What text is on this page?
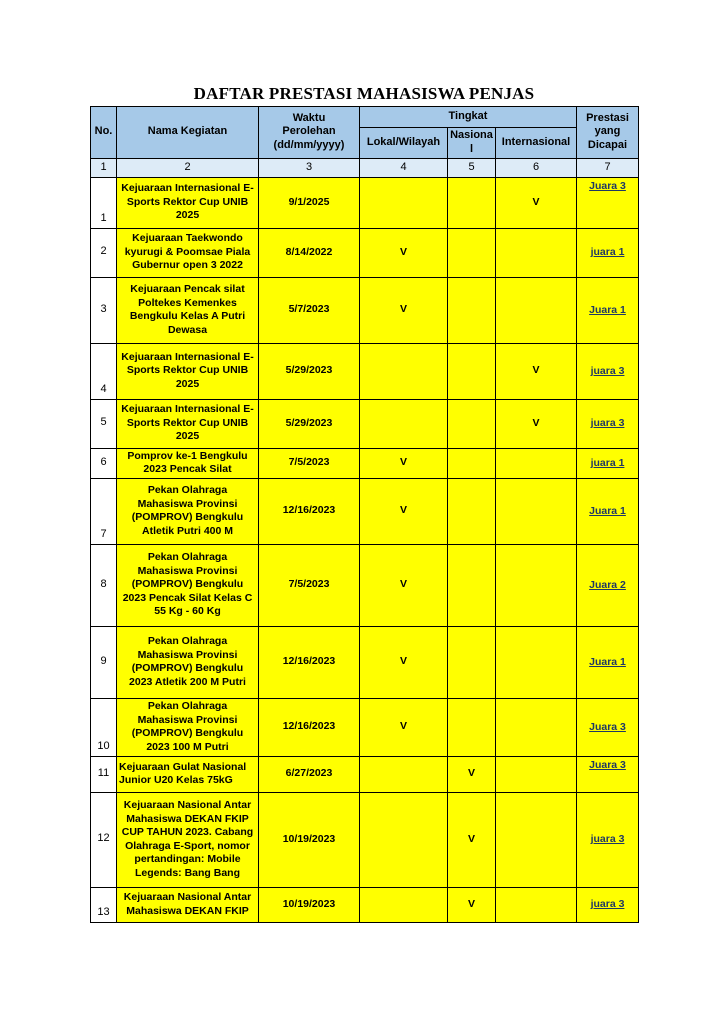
DAFTAR PRESTASI MAHASISWA PENJAS
No.	Nama Kegiatan	Waktu Perolehan (dd/mm/yyyy)	Tingkat			Prestasi yang Dicapai
			Lokal/Wilayah	Nasional	Internasional	
1	2	3	4	5	6	7
1	Kejuaraan Internasional E-Sports Rektor Cup UNIB 2025	9/1/2025			V	Juara 3
2	Kejuaraan Taekwondo kyurugi & Poomsae Piala Gubernur open 3 2022	8/14/2022	V			juara 1
3	Kejuaraan Pencak silat Poltekes Kemenkes Bengkulu Kelas A Putri Dewasa	5/7/2023	V			Juara 1
4	Kejuaraan Internasional E-Sports Rektor Cup UNIB 2025	5/29/2023			V	juara 3
5	Kejuaraan Internasional E-Sports Rektor Cup UNIB 2025	5/29/2023			V	juara 3
6	Pomprov ke-1 Bengkulu 2023 Pencak Silat	7/5/2023	V			juara 1
7	Pekan Olahraga Mahasiswa Provinsi (POMPROV) Bengkulu Atletik Putri 400 M	12/16/2023	V			Juara 1
8	Pekan Olahraga Mahasiswa Provinsi (POMPROV) Bengkulu 2023 Pencak Silat Kelas C 55 Kg - 60 Kg	7/5/2023	V			Juara 2
9	Pekan Olahraga Mahasiswa Provinsi (POMPROV) Bengkulu 2023 Atletik 200 M Putri	12/16/2023	V			Juara 1
10	Pekan Olahraga Mahasiswa Provinsi (POMPROV) Bengkulu 2023 100 M Putri	12/16/2023	V			Juara 3
11	Kejuaraan Gulat Nasional Junior U20 Kelas 75kG	6/27/2023		V		Juara 3
12	Kejuaraan Nasional Antar Mahasiswa DEKAN FKIP CUP TAHUN 2023. Cabang Olahraga E-Sport, nomor pertandingan: Mobile Legends: Bang Bang	10/19/2023		V		juara 3
13	Kejuaraan Nasional Antar Mahasiswa DEKAN FKIP	10/19/2023		V		juara 3
